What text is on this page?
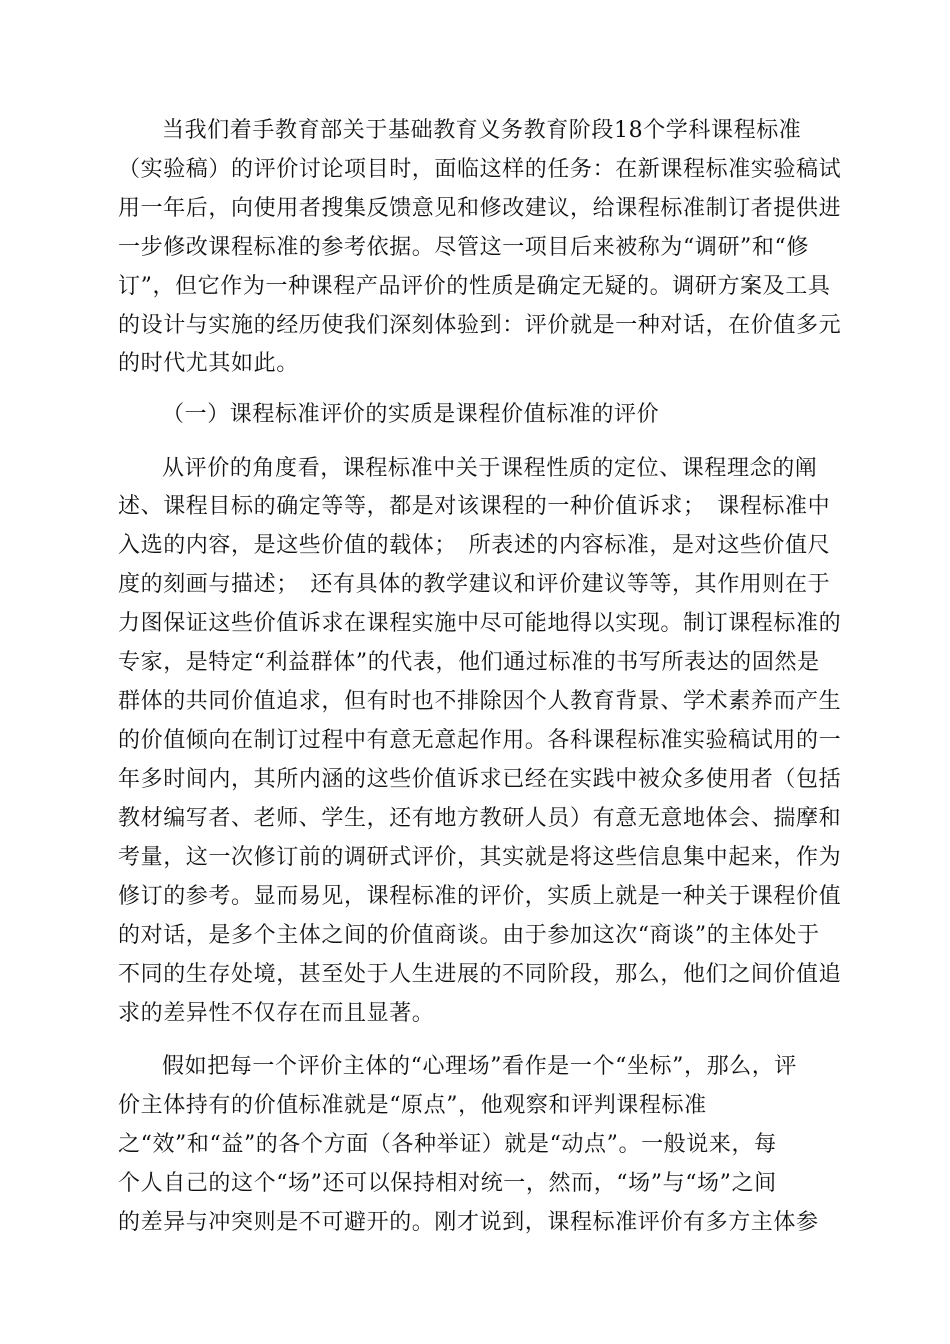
当我们着手教育部关于基础教育义务教育阶段18个学科课程标准
（实验稿）的评价讨论项目时，面临这样的任务：在新课程标准实验稿试
用一年后，向使用者搜集反馈意见和修改建议，给课程标准制订者提供进
一步修改课程标准的参考依据。尽管这一项目后来被称为“调研”和“修
订”，但它作为一种课程产品评价的性质是确定无疑的。调研方案及工具
的设计与实施的经历使我们深刻体验到：评价就是一种对话，在价值多元
的时代尤其如此。
（一）课程标准评价的实质是课程价值标准的评价
从评价的角度看，课程标准中关于课程性质的定位、课程理念的阐
述、课程目标的确定等等，都是对该课程的一种价值诉求；　课程标准中
入选的内容，是这些价值的载体；　所表述的内容标准，是对这些价值尺
度的刻画与描述；　还有具体的教学建议和评价建议等等，其作用则在于
力图保证这些价值诉求在课程实施中尽可能地得以实现。制订课程标准的
专家，是特定“利益群体”的代表，他们通过标准的书写所表达的固然是
群体的共同价值追求，但有时也不排除因个人教育背景、学术素养而产生
的价值倾向在制订过程中有意无意起作用。各科课程标准实验稿试用的一
年多时间内，其所内涵的这些价值诉求已经在实践中被众多使用者（包括
教材编写者、老师、学生，还有地方教研人员）有意无意地体会、揣摩和
考量，这一次修订前的调研式评价，其实就是将这些信息集中起来，作为
修订的参考。显而易见，课程标准的评价，实质上就是一种关于课程价值
的对话，是多个主体之间的价值商谈。由于参加这次“商谈”的主体处于
不同的生存处境，甚至处于人生进展的不同阶段，那么，他们之间价值追
求的差异性不仅存在而且显著。
假如把每一个评价主体的“心理场”看作是一个“坐标”，那么，评
价主体持有的价值标准就是“原点”，他观察和评判课程标准
之“效”和“益”的各个方面（各种举证）就是“动点”。一般说来，每
个人自己的这个“场”还可以保持相对统一，然而，“场”与“场”之间
的差异与冲突则是不可避开的。刚才说到，课程标准评价有多方主体参
